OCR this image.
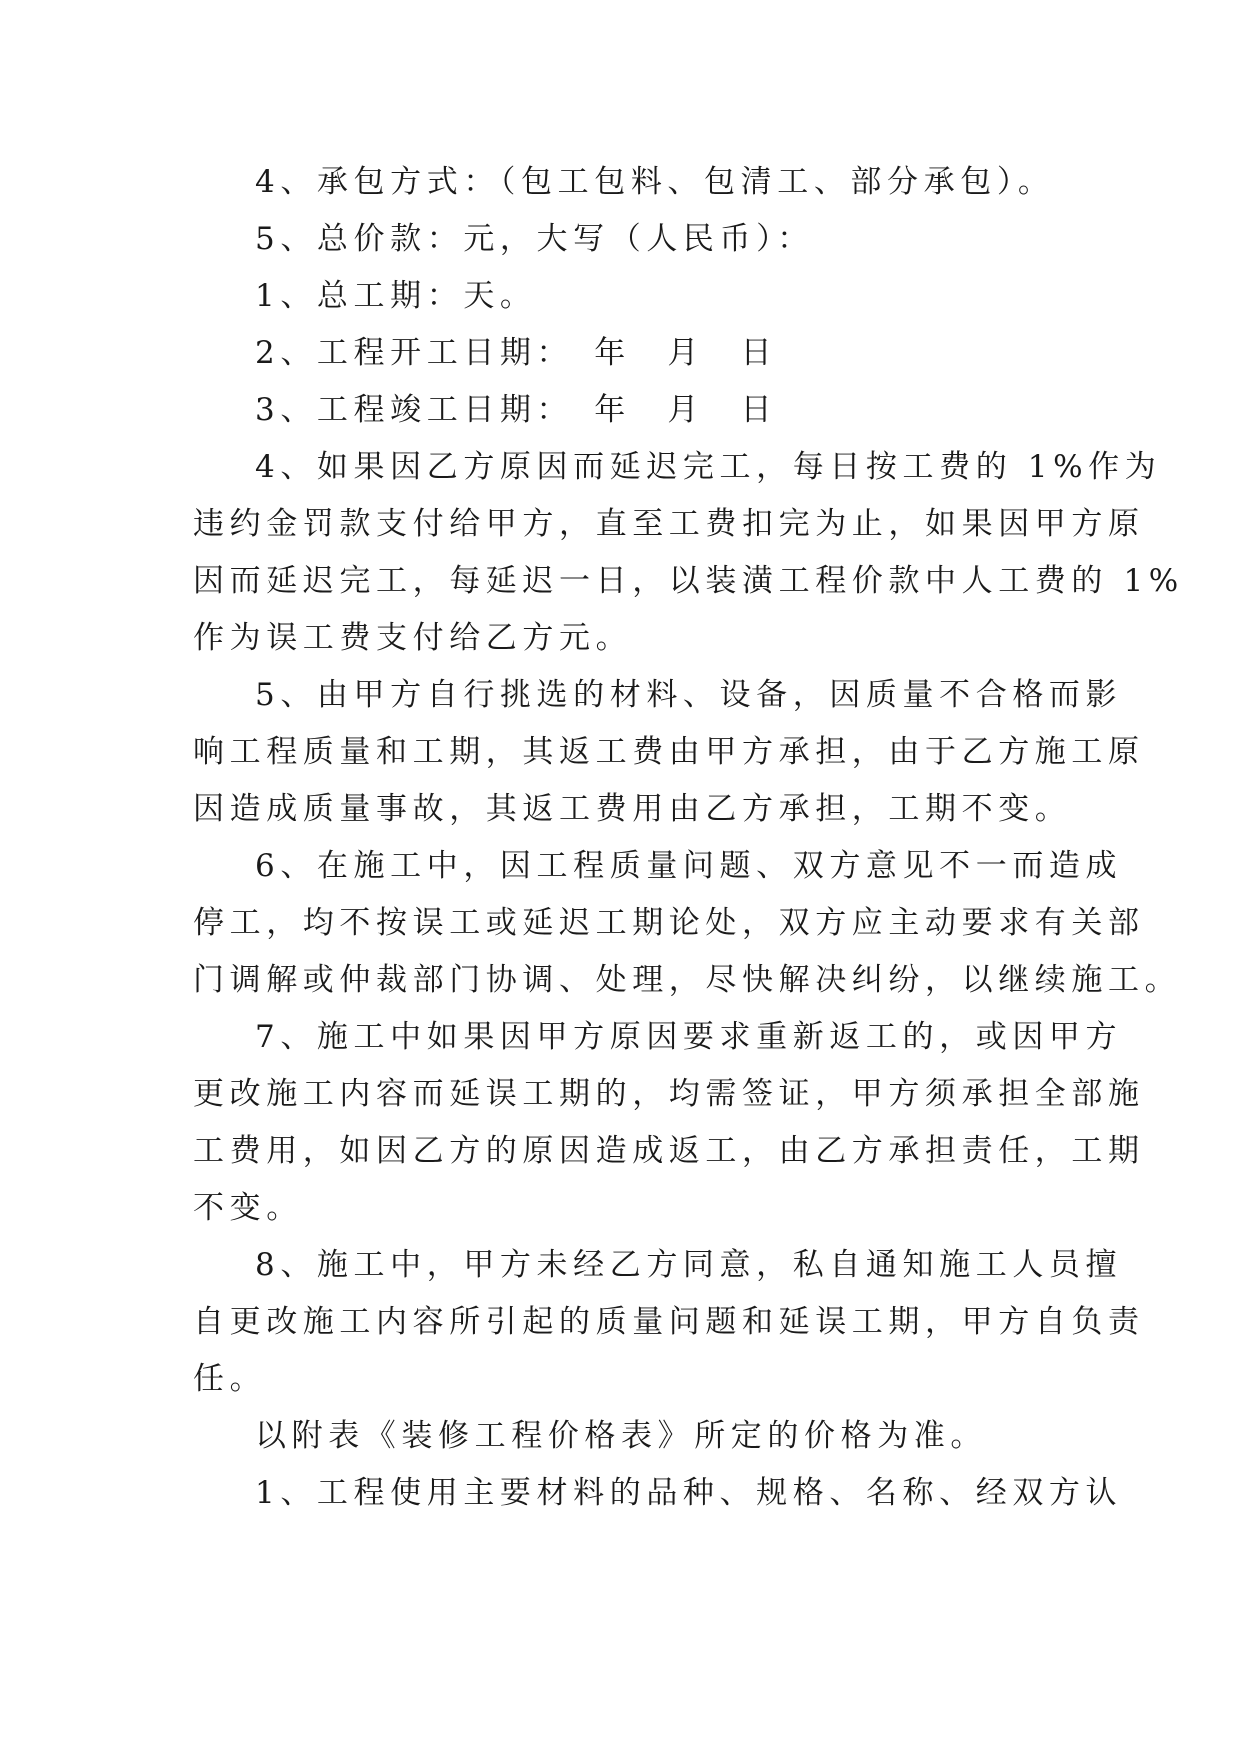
4、承包方式：（包工包料、包清工、部分承包）。
5、总价款：元，大写（人民币）：
1、总工期：天。
2、工程开工日期：　年　月　日
3、工程竣工日期：　年　月　日
4、如果因乙方原因而延迟完工，每日按工费的 1%作为
违约金罚款支付给甲方，直至工费扣完为止，如果因甲方原
因而延迟完工，每延迟一日，以装潢工程价款中人工费的 1%
作为误工费支付给乙方元。
5、由甲方自行挑选的材料、设备，因质量不合格而影
响工程质量和工期，其返工费由甲方承担，由于乙方施工原
因造成质量事故，其返工费用由乙方承担，工期不变。
6、在施工中，因工程质量问题、双方意见不一而造成
停工，均不按误工或延迟工期论处，双方应主动要求有关部
门调解或仲裁部门协调、处理，尽快解决纠纷，以继续施工。
7、施工中如果因甲方原因要求重新返工的，或因甲方
更改施工内容而延误工期的，均需签证，甲方须承担全部施
工费用，如因乙方的原因造成返工，由乙方承担责任，工期
不变。
8、施工中，甲方未经乙方同意，私自通知施工人员擅
自更改施工内容所引起的质量问题和延误工期，甲方自负责
任。
以附表《装修工程价格表》所定的价格为准。
1、工程使用主要材料的品种、规格、名称、经双方认
